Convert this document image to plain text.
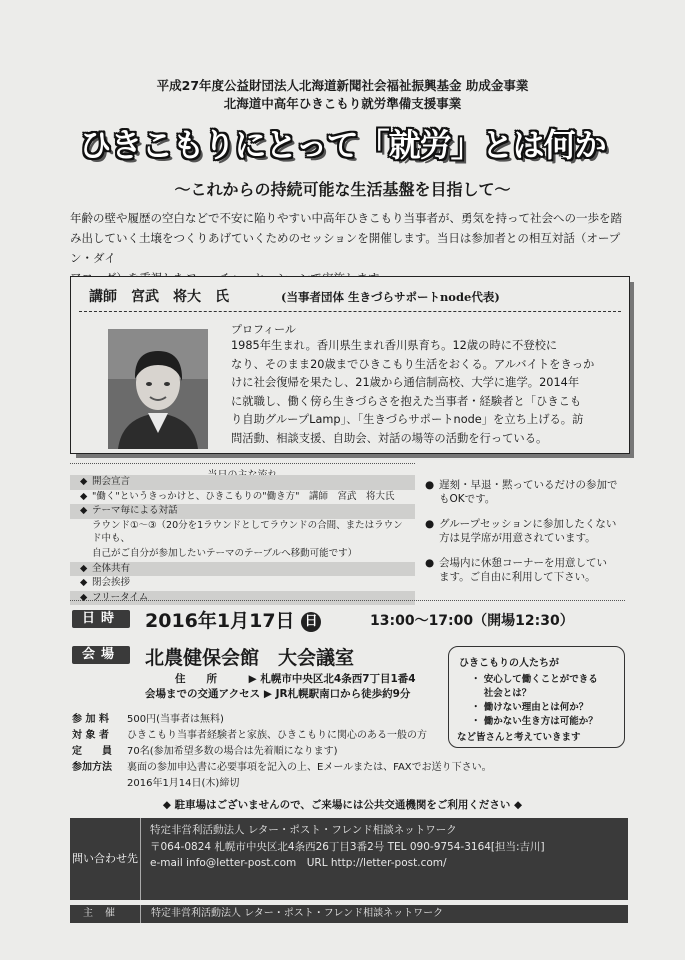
平成27年度公益財団法人北海道新聞社会福祉振興基金 助成金事業
北海道中高年ひきこもり就労準備支援事業
ひきこもりにとって「就労」とは何か
〜これからの持続可能な生活基盤を目指して〜
年齢の壁や履歴の空白などで不安に陥りやすい中高年ひきこもり当事者が、勇気を持って社会への一歩を踏
み出していく土壌をつくりあげていくためのセッションを開催します。当日は参加者との相互対話（オープン・ダイ
講師　宮武　将大　氏	(当事者団体 生きづらサポートnode代表)
プロフィール
1985年生まれ。香川県生まれ香川県育ち。12歳の時に不登校に
なり、そのまま20歳までひきこもり生活をおくる。アルバイトをきっか
けに社会復帰を果たし、21歳から通信制高校、大学に進学。2014年
に就職し、働く傍ら生きづらさを抱えた当事者・経験者と「ひきこも
り自助グループLamp」、「生きづらサポートnode」を立ち上げる。訪
問活動、相談支援、自助会、対話の場等の活動を行っている。
◆ 開会宣言
◆ "働く"というきっかけと、ひきこもりの"働き方"　講師　宮武　将大氏
◆ テーマ毎による対話
ラウンド①〜③（20分を1ラウンドとしてラウンドの合間、またはラウンド中も、
自己がご自分が参加したいテーマのテーブルへ移動可能です）
◆ 全体共有
◆ 閉会挨拶
◆ フリータイム
● 遅刻・早退・黙っているだけの参加で
もOKです。
● グループセッションに参加したくない
方は見学席が用意されています。
● 会場内に休憩コーナーを用意してい
ます。ご自由に利用して下さい。
日時	2016年1月17日 日	13:00〜17:00（開場12:30）
会場	北農健保会館　大会議室
住　　所	▶ 札幌市中央区北4条西7丁目1番4
会場までの交通アクセス ▶ JR札幌駅南口から徒歩約9分
ひきこもりの人たちが
・ 安心して働くことができる
　 社会とは？
・ 働けない理由とは何か？
・ 働かない生き方は可能か？
など皆さんと考えていきます
参 加 料 500円(当事者は無料)
対 象 者 ひきこもり当事者経験者と家族、ひきこもりに関心のある一般の方
定　　員 70名(参加希望多数の場合は先着順になります)
参加方法 裏面の参加申込書に必要事項を記入の上、Eメールまたは、FAXでお送り下さい。
2016年1月14日(木)締切
◆ 駐車場はございませんので、ご来場には公共交通機関をご利用ください ◆
問い合わせ先
特定非営利活動法人 レター・ポスト・フレンド相談ネットワーク
〒064-0824 札幌市中央区北4条西26丁目3番2号 TEL 090-9754-3164[担当:吉川]
e-mail info@letter-post.com　URL http://letter-post.com/
主催 特定非営利活動法人 レター・ポスト・フレンド相談ネットワーク
